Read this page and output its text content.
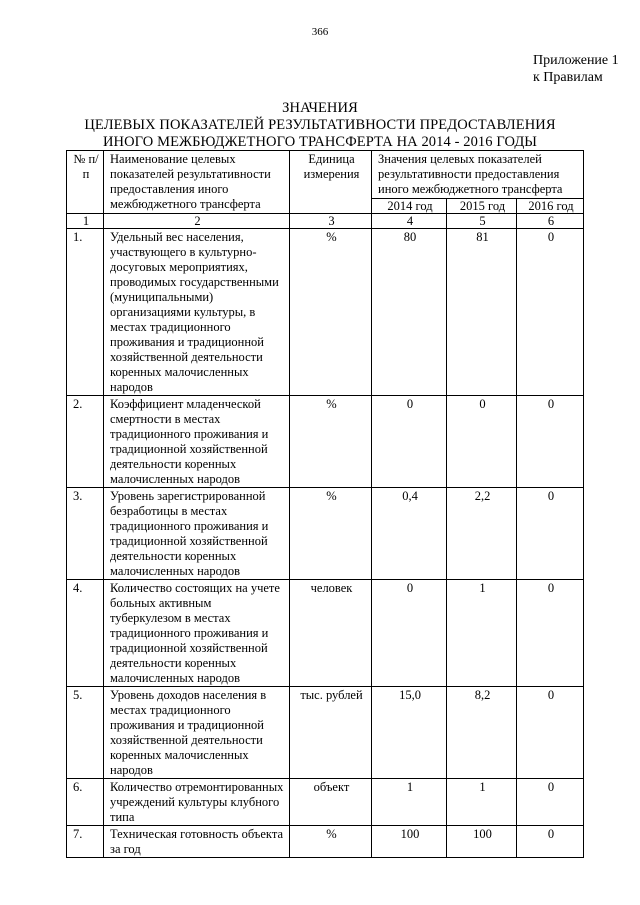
366
Приложение 1
к Правилам
ЗНАЧЕНИЯ
ЦЕЛЕВЫХ ПОКАЗАТЕЛЕЙ РЕЗУЛЬТАТИВНОСТИ ПРЕДОСТАВЛЕНИЯ
ИНОГО МЕЖБЮДЖЕТНОГО ТРАНСФЕРТА НА 2014 - 2016 ГОДЫ
№ п/п	Наименование целевых показателей результативности предоставления иного межбюджетного трансферта	Единица измерения	Значения целевых показателей результативности предоставления иного межбюджетного трансферта		
			2014 год	2015 год	2016 год
1	2	3	4	5	6
1.	Удельный вес населения, участвующего в культурно-досуговых мероприятиях, проводимых государственными (муниципальными) организациями культуры, в местах традиционного проживания и традиционной хозяйственной деятельности коренных малочисленных народов	%	80	81	0
2.	Коэффициент младенческой смертности в местах традиционного проживания и традиционной хозяйственной деятельности коренных малочисленных народов	%	0	0	0
3.	Уровень зарегистрированной безработицы в местах традиционного проживания и традиционной хозяйственной деятельности коренных малочисленных народов	%	0,4	2,2	0
4.	Количество состоящих на учете больных активным туберкулезом в местах традиционного проживания и традиционной хозяйственной деятельности коренных малочисленных народов	человек	0	1	0
5.	Уровень доходов населения в местах традиционного проживания и традиционной хозяйственной деятельности коренных малочисленных народов	тыс. рублей	15,0	8,2	0
6.	Количество отремонтированных учреждений культуры клубного типа	объект	1	1	0
7.	Техническая готовность объекта за год	%	100	100	0
